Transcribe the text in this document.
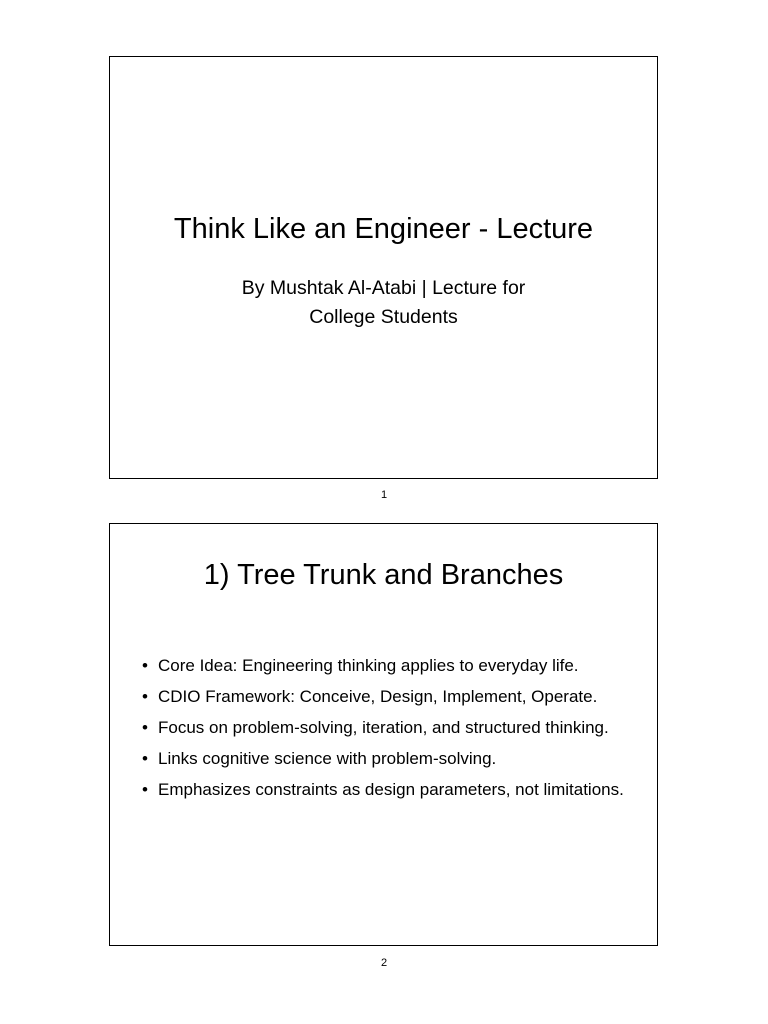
Think Like an Engineer - Lecture

By Mushtak Al-Atabi | Lecture for College Students

1
1) Tree Trunk and Branches
• Core Idea: Engineering thinking applies to everyday life.
• CDIO Framework: Conceive, Design, Implement, Operate.
• Focus on problem-solving, iteration, and structured thinking.
• Links cognitive science with problem-solving.
• Emphasizes constraints as design parameters, not limitations.
2
